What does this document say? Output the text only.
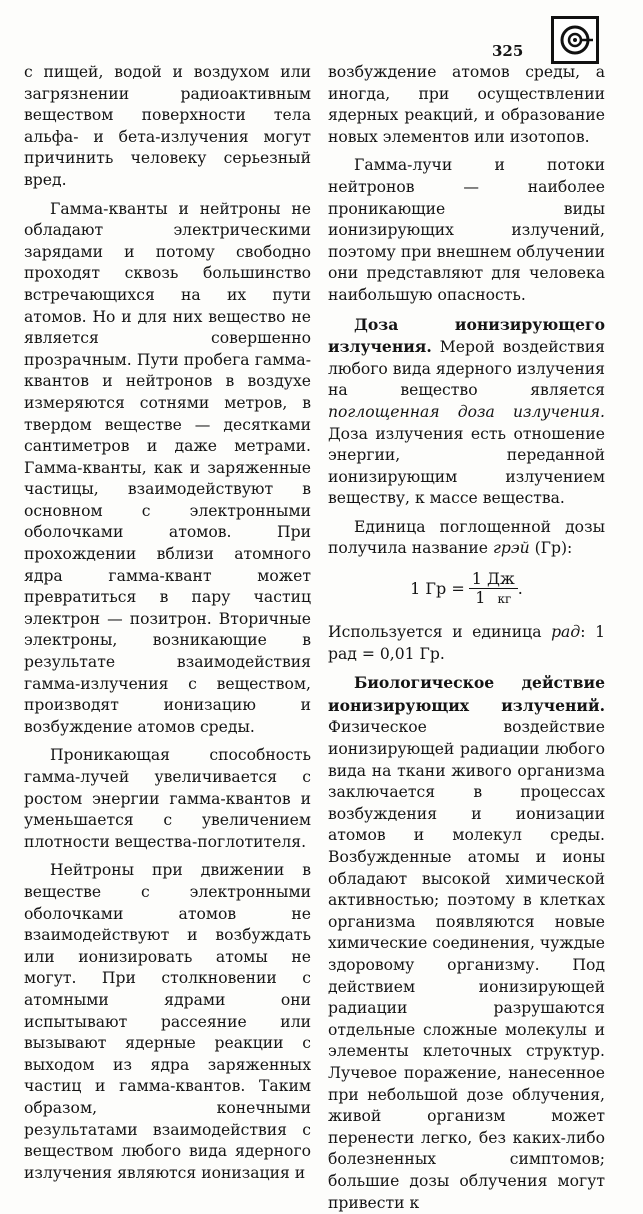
325

с пищей, водой и воздухом или загрязнении радиоактивным веществом поверхности тела альфа- и бета-излучения могут причинить человеку серьезный вред.

Гамма-кванты и нейтроны не обладают электрическими зарядами и потому свободно проходят сквозь большинство встречающихся на их пути атомов. Но и для них вещество не является совершенно прозрачным. Пути пробега гамма-квантов и нейтронов в воздухе измеряются сотнями метров, в твердом веществе — десятками сантиметров и даже метрами. Гамма-кванты, как и заряженные частицы, взаимодействуют в основном с электронными оболочками атомов. При прохождении вблизи атомного ядра гамма-квант может превратиться в пару частиц электрон — позитрон. Вторичные электроны, возникающие в результате взаимодействия гамма-излучения с веществом, производят ионизацию и возбуждение атомов среды.

Проникающая способность гамма-лучей увеличивается с ростом энергии гамма-квантов и уменьшается с увеличением плотности вещества-поглотителя.

Нейтроны при движении в веществе с электронными оболочками атомов не взаимодействуют и возбуждать или ионизировать атомы не могут. При столкновении с атомными ядрами они испытывают рассеяние или вызывают ядерные реакции с выходом из ядра заряженных частиц и гамма-квантов. Таким образом, конечными результатами взаимодействия с веществом любого вида ядерного излучения являются ионизация и

возбуждение атомов среды, а иногда, при осуществлении ядерных реакций, и образование новых элементов или изотопов.

Гамма-лучи и потоки нейтронов — наиболее проникающие виды ионизирующих излучений, поэтому при внешнем облучении они представляют для человека наибольшую опасность.

Доза ионизирующего излучения. Мерой воздействия любого вида ядерного излучения на вещество является поглощенная доза излучения. Доза излучения есть отношение энергии, переданной ионизирующим излучением веществу, к массе вещества.

Единица поглощенной дозы получила название грэй (Гр):

1 Гр = $\frac{1 Дж}{1 кг}$ .

Используется и единица рад: 1 рад = 0,01 Гр.

Биологическое действие ионизирующих излучений. Физическое воздействие ионизирующей радиации любого вида на ткани живого организма заключается в процессах возбуждения и ионизации атомов и молекул среды. Возбужденные атомы и ионы обладают высокой химической активностью; поэтому в клетках организма появляются новые химические соединения, чуждые здоровому организму. Под действием ионизирующей радиации разрушаются отдельные сложные молекулы и элементы клеточных структур. Лучевое поражение, нанесенное при небольшой дозе облучения, живой организм может перенести легко, без каких-либо болезненных симптомов; большие дозы облучения могут привести к
